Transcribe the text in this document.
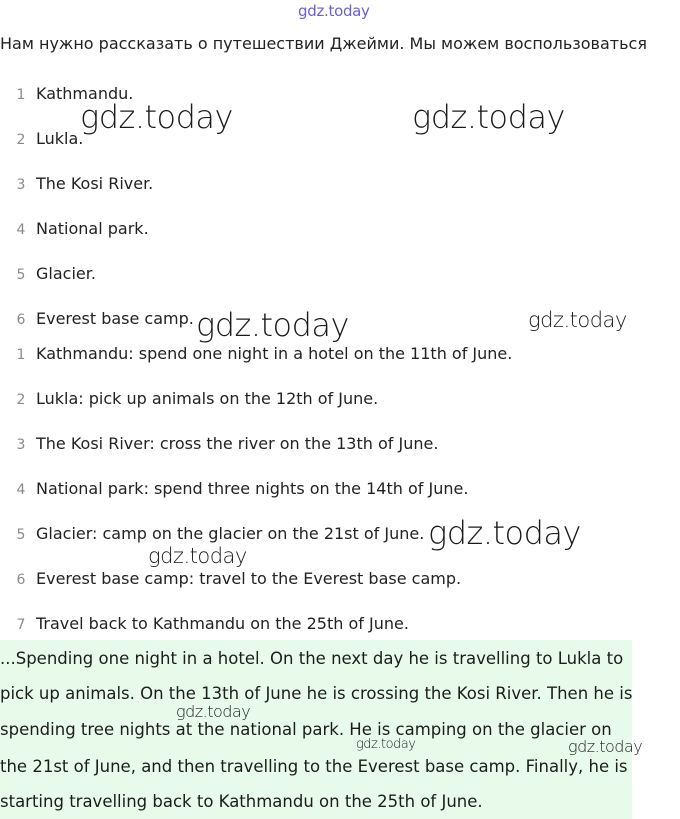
gdz.today
Нам нужно рассказать о путешествии Джейми. Мы можем воспользоваться
1 Kathmandu.
2 Lukla.
3 The Kosi River.
4 National park.
5 Glacier.
6 Everest base camp.
1 Kathmandu: spend one night in a hotel on the 11th of June.
2 Lukla: pick up animals on the 12th of June.
3 The Kosi River: cross the river on the 13th of June.
4 National park: spend three nights on the 14th of June.
5 Glacier: camp on the glacier on the 21st of June.
6 Everest base camp: travel to the Everest base camp.
7 Travel back to Kathmandu on the 25th of June.
...Spending one night in a hotel. On the next day he is travelling to Lukla to
pick up animals. On the 13th of June he is crossing the Kosi River. Then he is
spending tree nights at the national park. He is camping on the glacier on
the 21st of June, and then travelling to the Everest base camp. Finally, he is
starting travelling back to Kathmandu on the 25th of June.
gdz.today	gdz.today
gdz.today	gdz.today
gdz.today
gdz.today
gdz.today
gdz.today	gdz.today
